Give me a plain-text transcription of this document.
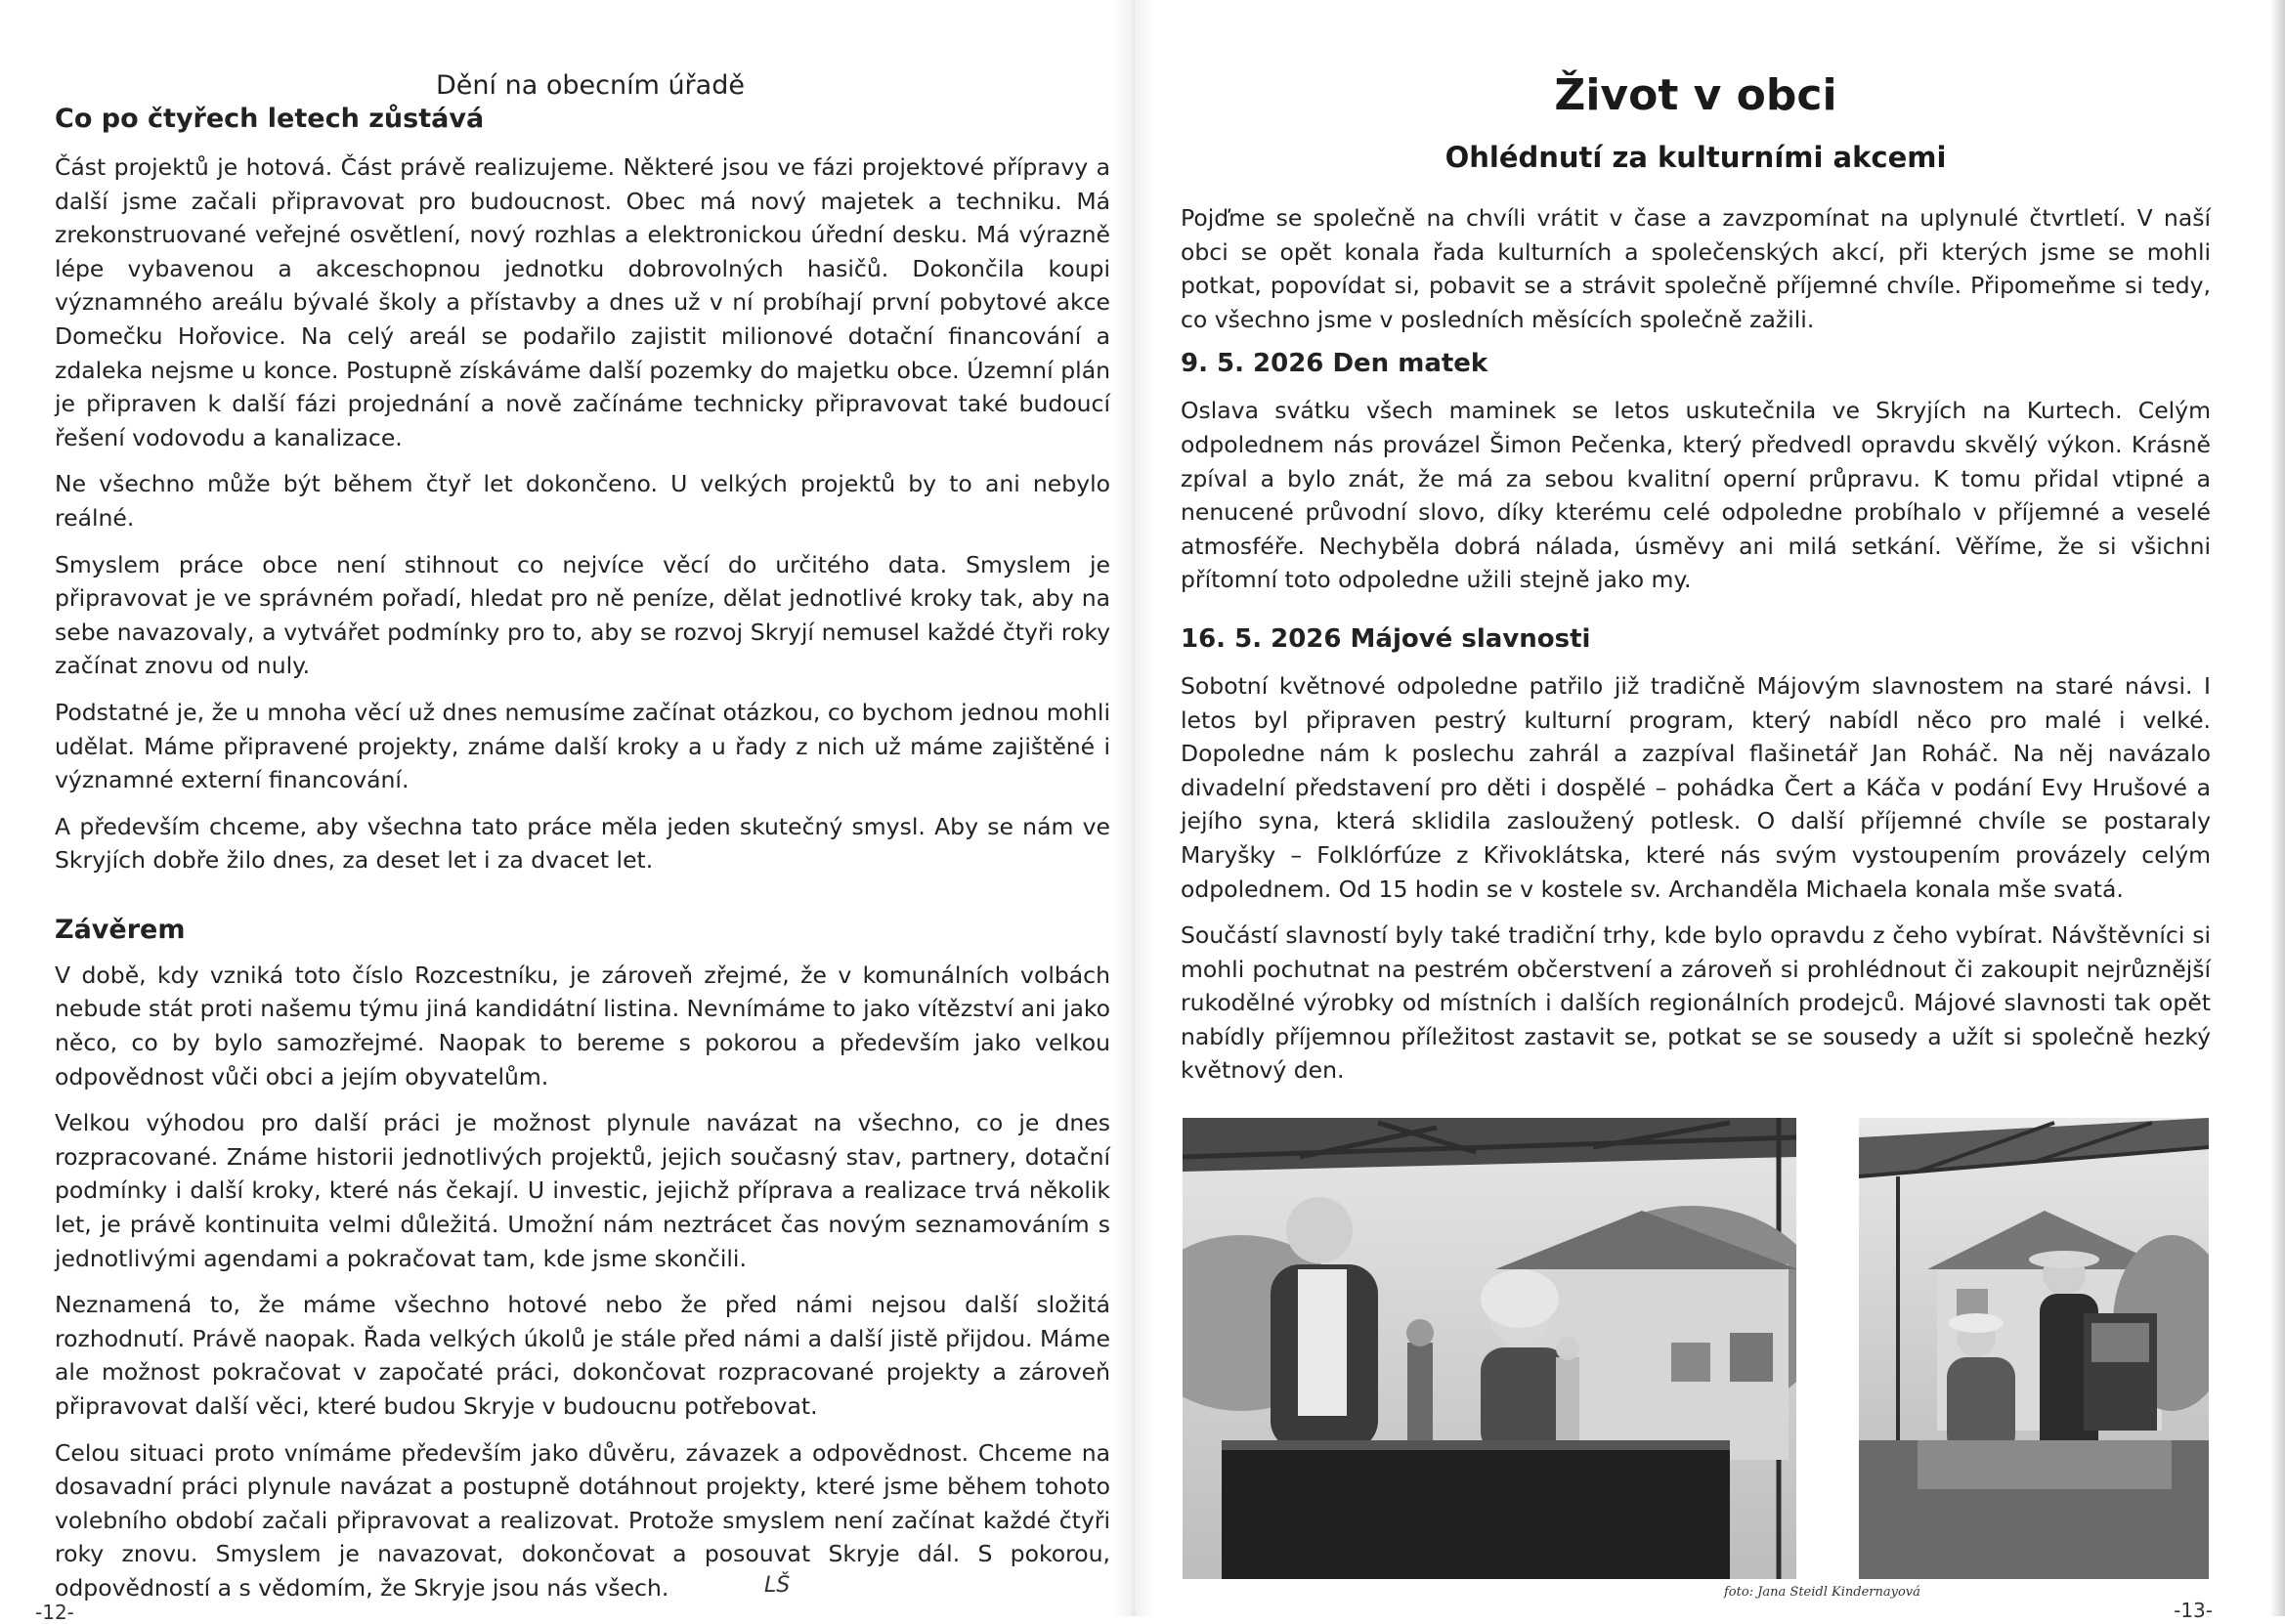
Dění na obecním úřadě
Co po čtyřech letech zůstává

Část projektů je hotová. Část právě realizujeme. Některé jsou ve fázi projektové přípravy a další jsme začali připravovat pro budoucnost. Obec má nový majetek a techniku. Má zrekonstruované veřejné osvětlení, nový rozhlas a elektronickou úřední desku. Má výrazně lépe vybavenou a akceschopnou jednotku dobrovolných hasičů. Dokončila koupi významného areálu bývalé školy a přístavby a dnes už v ní probíhají první pobytové akce Domečku Hořovice. Na celý areál se podařilo zajistit milionové dotační financování a zdaleka nejsme u konce. Postupně získáváme další pozemky do majetku obce. Územní plán je připraven k další fázi projednání a nově začínáme technicky připravovat také budoucí řešení vodovodu a kanalizace.

Ne všechno může být během čtyř let dokončeno. U velkých projektů by to ani nebylo reálné.

Smyslem práce obce není stihnout co nejvíce věcí do určitého data. Smyslem je připravovat je ve správném pořadí, hledat pro ně peníze, dělat jednotlivé kroky tak, aby na sebe navazovaly, a vytvářet podmínky pro to, aby se rozvoj Skryjí nemusel každé čtyři roky začínat znovu od nuly.

Podstatné je, že u mnoha věcí už dnes nemusíme začínat otázkou, co bychom jednou mohli udělat. Máme připravené projekty, známe další kroky a u řady z nich už máme zajištěné i významné externí financování.

A především chceme, aby všechna tato práce měla jeden skutečný smysl. Aby se nám ve Skryjích dobře žilo dnes, za deset let i za dvacet let.

Závěrem

V době, kdy vzniká toto číslo Rozcestníku, je zároveň zřejmé, že v komunálních volbách nebude stát proti našemu týmu jiná kandidátní listina. Nevnímáme to jako vítězství ani jako něco, co by bylo samozřejmé. Naopak to bereme s pokorou a především jako velkou odpovědnost vůči obci a jejím obyvatelům.

Velkou výhodou pro další práci je možnost plynule navázat na všechno, co je dnes rozpracované. Známe historii jednotlivých projektů, jejich současný stav, partnery, dotační podmínky i další kroky, které nás čekají. U investic, jejichž příprava a realizace trvá několik let, je právě kontinuita velmi důležitá. Umožní nám neztrácet čas novým seznamováním s jednotlivými agendami a pokračovat tam, kde jsme skončili.

Neznamená to, že máme všechno hotové nebo že před námi nejsou další složitá rozhodnutí. Právě naopak. Řada velkých úkolů je stále před námi a další jistě přijdou. Máme ale možnost pokračovat v započaté práci, dokončovat rozpracované projekty a zároveň připravovat další věci, které budou Skryje v budoucnu potřebovat.

Celou situaci proto vnímáme především jako důvěru, závazek a odpovědnost. Chceme na dosavadní práci plynule navázat a postupně dotáhnout projekty, které jsme během tohoto volebního období začali připravovat a realizovat. Protože smyslem není začínat každé čtyři roky znovu. Smyslem je navazovat, dokončovat a posouvat Skryje dál. S pokorou, odpovědností a s vědomím, že Skryje jsou nás všech.	LŠ
-12-
Život v obci
Ohlédnutí za kulturními akcemi

Pojďme se společně na chvíli vrátit v čase a zavzpomínat na uplynulé čtvrtletí. V naší obci se opět konala řada kulturních a společenských akcí, při kterých jsme se mohli potkat, popovídat si, pobavit se a strávit společně příjemné chvíle. Připomeňme si tedy, co všechno jsme v posledních měsících společně zažili.

9. 5. 2026 Den matek

Oslava svátku všech maminek se letos uskutečnila ve Skryjích na Kurtech. Celým odpolednem nás provázel Šimon Pečenka, který předvedl opravdu skvělý výkon. Krásně zpíval a bylo znát, že má za sebou kvalitní operní průpravu. K tomu přidal vtipné a nenucené průvodní slovo, díky kterému celé odpoledne probíhalo v příjemné a veselé atmosféře. Nechyběla dobrá nálada, úsměvy ani milá setkání. Věříme, že si všichni přítomní toto odpoledne užili stejně jako my.

16. 5. 2026 Májové slavnosti

Sobotní květnové odpoledne patřilo již tradičně Májovým slavnostem na staré návsi. I letos byl připraven pestrý kulturní program, který nabídl něco pro malé i velké. Dopoledne nám k poslechu zahrál a zazpíval flašinetář Jan Roháč. Na něj navázalo divadelní představení pro děti i dospělé – pohádka Čert a Káča v podání Evy Hrušové a jejího syna, která sklidila zasloužený potlesk. O další příjemné chvíle se postaraly Maryšky – Folklórfúze z Křivoklátska, které nás svým vystoupením provázely celým odpolednem. Od 15 hodin se v kostele sv. Archanděla Michaela konala mše svatá.

Součástí slavností byly také tradiční trhy, kde bylo opravdu z čeho vybírat. Návštěvníci si mohli pochutnat na pestrém občerstvení a zároveň si prohlédnout či zakoupit nejrůznější rukodělné výrobky od místních i dalších regionálních prodejců. Májové slavnosti tak opět nabídly příjemnou příležitost zastavit se, potkat se se sousedy a užít si společně hezký květnový den.

foto: Jana Steidl Kindernayová
-13-
